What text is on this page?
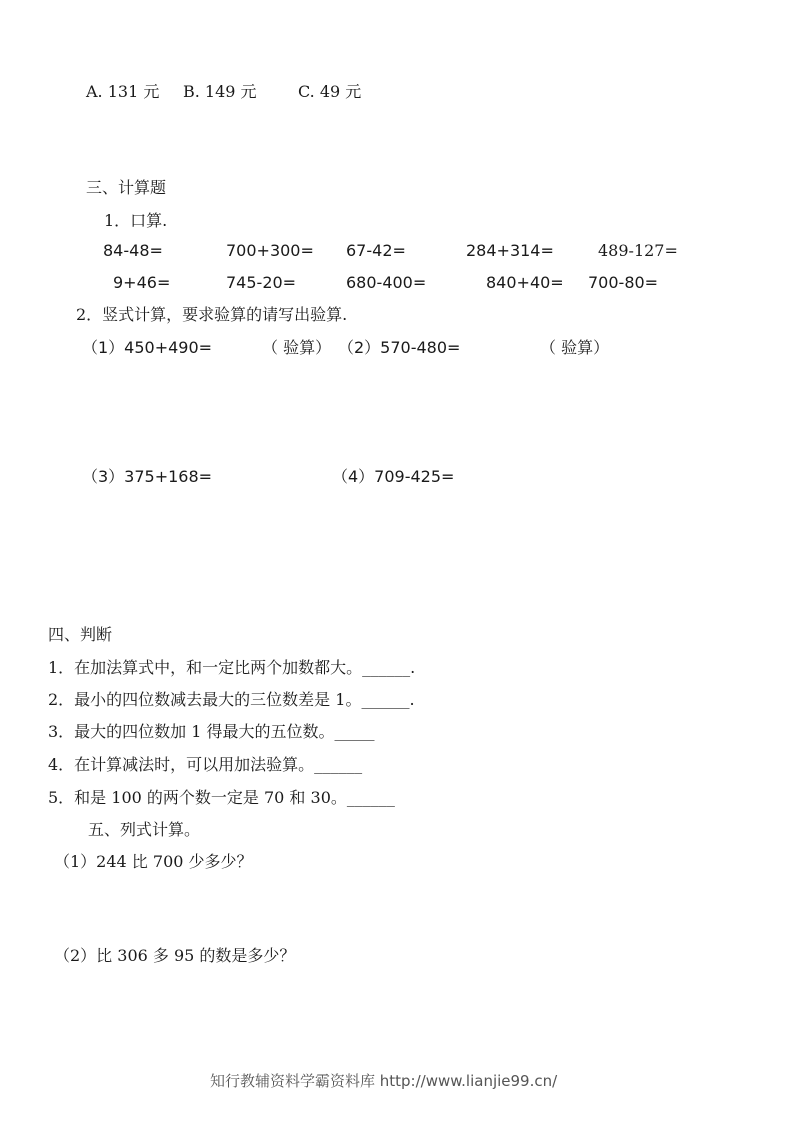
A. 131 元 B. 149 元	C. 49 元
三、计算题
1．口算.
84-48=	700+300= 67-42=	284+314=	489-127=
9+46=	745-20=	680-400=	840+40= 700-80=
2．竖式计算，要求验算的请写出验算.
（1）450+490=	（ 验算） （2）570-480=	（ 验算）
（3）375+168=	（4）709-425=
四、判断
1．在加法算式中，和一定比两个加数都大。______.
2．最小的四位数减去最大的三位数差是 1。______.
3．最大的四位数加 1 得最大的五位数。_____
4．在计算减法时，可以用加法验算。______
5．和是 100 的两个数一定是 70 和 30。______
五、列式计算。
（1）244 比 700 少多少？
（2）比 306 多 95 的数是多少？
知行教辅资料学霸资料库 http://www.lianjie99.cn/
